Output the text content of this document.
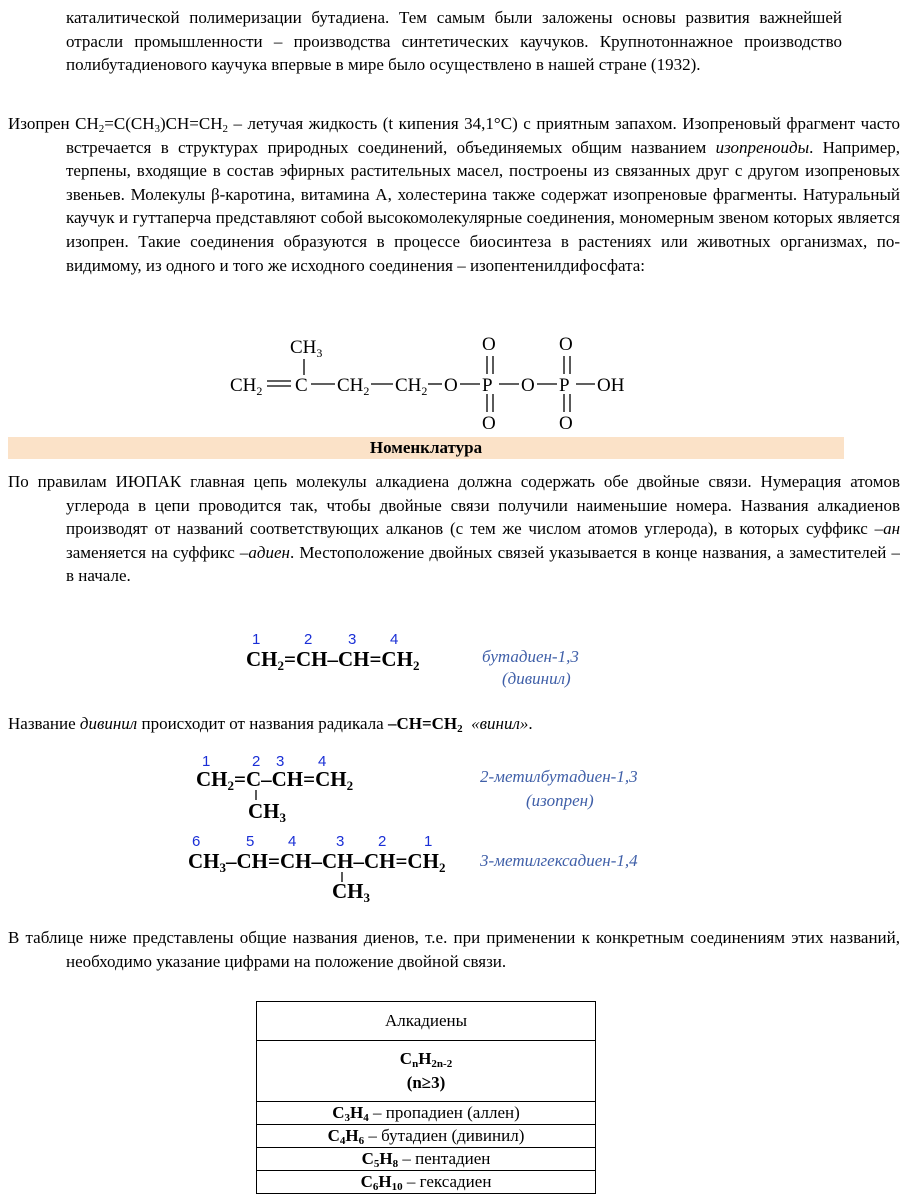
каталитической полимеризации бутадиена. Тем самым были заложены основы развития важнейшей отрасли промышленности – производства синтетических каучуков. Крупнотоннажное производство полибутадиенового каучука впервые в мире было осуществлено в нашей стране (1932).
Изопрен $CH_2=C(CH_3)CH=CH_2$ – летучая жидкость (t кипения 34,1°C) с приятным запахом. Изопреновый фрагмент часто встречается в структурах природных соединений, объединяемых общим названием изопреноиды. Например, терпены, входящие в состав эфирных растительных масел, построены из связанных друг с другом изопреновых звеньев. Молекулы β-каротина, витамина А, холестерина также содержат изопреновые фрагменты. Натуральный каучук и гуттаперча представляют собой высокомолекулярные соединения, мономерным звеном которых является изопрен. Такие соединения образуются в процессе биосинтеза в растениях или животных организмах, по-видимому, из одного и того же исходного соединения – изопентенилдифосфата:
$CH_3$
$CH_2$ C $CH_2$ $CH_2$ O P
O
O
O P
O
O
OH
Номенклатура
По правилам ИЮПАК главная цепь молекулы алкадиена должна содержать обе двойные связи. Нумерация атомов углерода в цепи проводится так, чтобы двойные связи получили наименьшие номера. Названия алкадиенов производят от названий соответствующих алканов (с тем же числом атомов углерода), в которых суффикс –ан заменяется на суффикс –адиен. Местоположение двойных связей указывается в конце названия, а заместителей – в начале.
1	2 3 4
CH2=CH–CH=CH2	бутадиен-1,3
(дивинил)
Название дивинил происходит от названия радикала $-CH=CH_2$ «винил».
1	2 3 4
CH2=C–CH=CH2
CH3
2-метилбутадиен-1,3
(изопрен)
6	5 4	3 2	1
CH3–CH=CH–CH–CH=CH2
CH3
3-метилгексадиен-1,4
В таблице ниже представлены общие названия диенов, т.е. при применении к конкретным соединениям этих названий, необходимо указание цифрами на положение двойной связи.
Алкадиены
$C_nH_{2n-2}$
(n≥3)
$C_3H_4$ – пропадиен (аллен)
$C_4H_6$ – бутадиен (дивинил)
$C_5H_8$ – пентадиен
$C_6H_{10}$ – гексадиен
